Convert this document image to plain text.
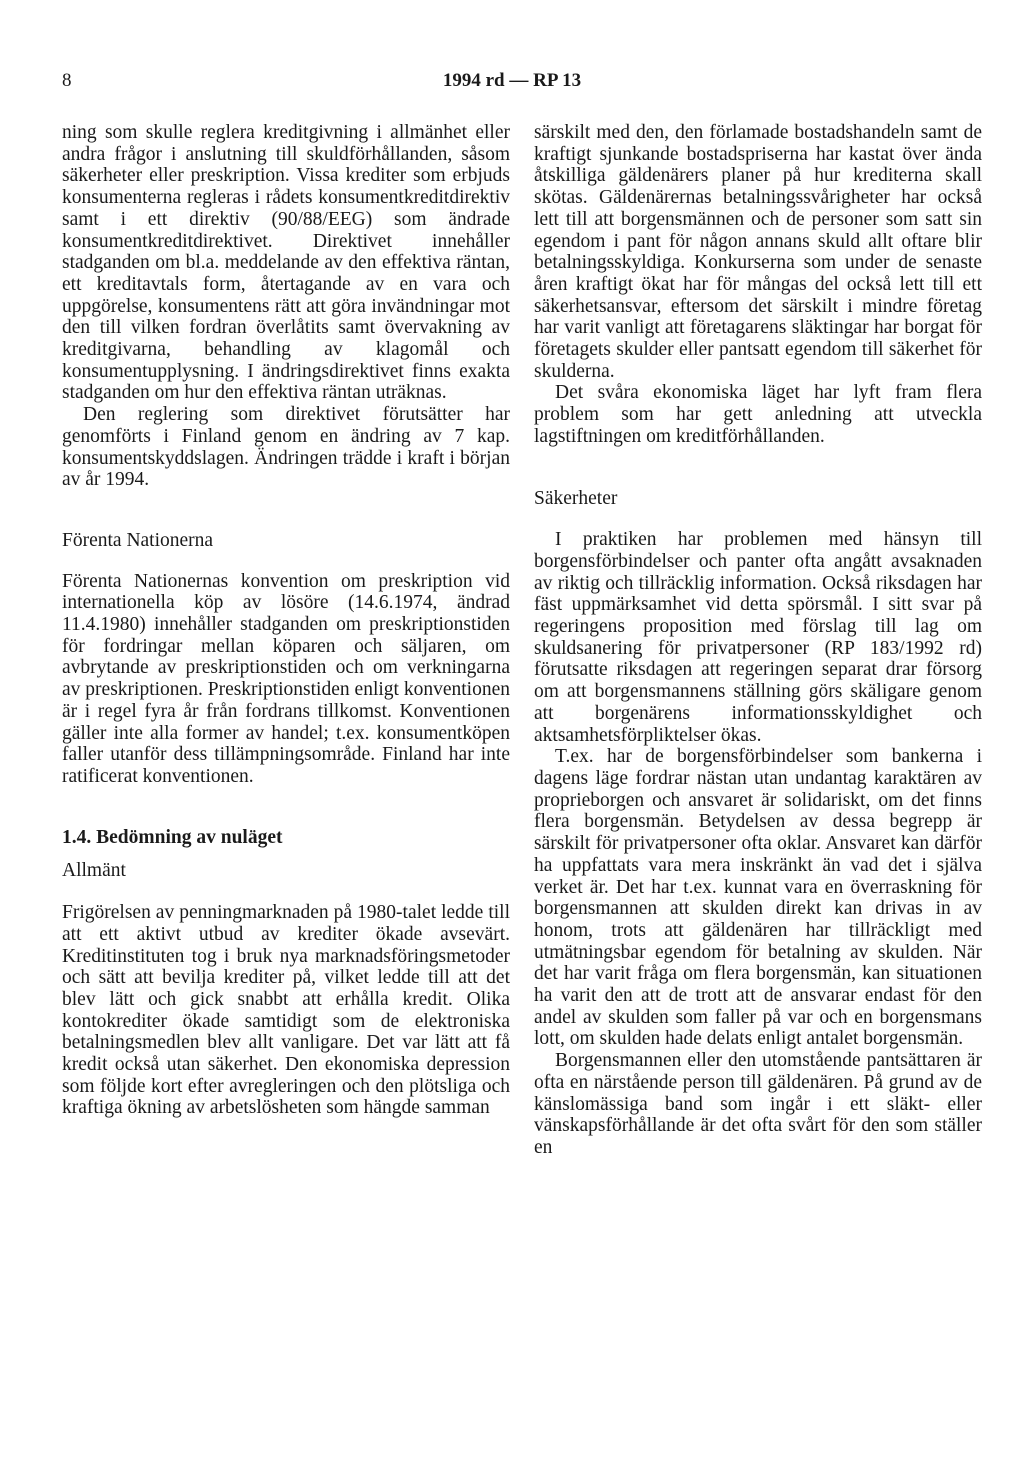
8	1994 rd — RP 13

ning som skulle reglera kreditgivning i allmänhet eller andra frågor i anslutning till skuldförhållanden, såsom säkerheter eller preskription. Vissa krediter som erbjuds konsumenterna regleras i rådets konsumentkreditdirektiv samt i ett direktiv (90/88/EEG) som ändrade konsumentkreditdirektivet. Direktivet innehåller stadganden om bl.a. meddelande av den effektiva räntan, ett kreditavtals form, återtagande av en vara och uppgörelse, konsumentens rätt att göra invändningar mot den till vilken fordran överlåtits samt övervakning av kreditgivarna, behandling av klagomål och konsumentupplysning. I ändringsdirektivet finns exakta stadganden om hur den effektiva räntan uträknas.

Den reglering som direktivet förutsätter har genomförts i Finland genom en ändring av 7 kap. konsumentskyddslagen. Ändringen trädde i kraft i början av år 1994.

Förenta Nationerna

Förenta Nationernas konvention om preskription vid internationella köp av lösöre (14.6.1974, ändrad 11.4.1980) innehåller stadganden om preskriptionstiden för fordringar mellan köparen och säljaren, om avbrytande av preskriptionstiden och om verkningarna av preskriptionen. Preskriptionstiden enligt konventionen är i regel fyra år från fordrans tillkomst. Konventionen gäller inte alla former av handel; t.ex. konsumentköpen faller utanför dess tillämpningsområde. Finland har inte ratificerat konventionen.

1.4. Bedömning av nuläget
Allmänt

Frigörelsen av penningmarknaden på 1980-talet ledde till att ett aktivt utbud av krediter ökade avsevärt. Kreditinstituten tog i bruk nya marknadsföringsmetoder och sätt att bevilja krediter på, vilket ledde till att det blev lätt och gick snabbt att erhålla kredit. Olika kontokrediter ökade samtidigt som de elektroniska betalningsmedlen blev allt vanligare. Det var lätt att få kredit också utan säkerhet. Den ekonomiska depression som följde kort efter avregleringen och den plötsliga och kraftiga ökning av arbetslösheten som hängde samman

särskilt med den, den förlamade bostadshandeln samt de kraftigt sjunkande bostadspriserna har kastat över ända åtskilliga gäldenärers planer på hur krediterna skall skötas. Gäldenärernas betalningssvårigheter har också lett till att borgensmännen och de personer som satt sin egendom i pant för någon annans skuld allt oftare blir betalningsskyldiga. Konkurserna som under de senaste åren kraftigt ökat har för mångas del också lett till ett säkerhetsansvar, eftersom det särskilt i mindre företag har varit vanligt att företagarens släktingar har borgat för företagets skulder eller pantsatt egendom till säkerhet för skulderna.

Det svåra ekonomiska läget har lyft fram flera problem som har gett anledning att utveckla lagstiftningen om kreditförhållanden.

Säkerheter

I praktiken har problemen med hänsyn till borgensförbindelser och panter ofta angått avsaknaden av riktig och tillräcklig information. Också riksdagen har fäst uppmärksamhet vid detta spörsmål. I sitt svar på regeringens proposition med förslag till lag om skuldsanering för privatpersoner (RP 183/1992 rd) förutsatte riksdagen att regeringen separat drar försorg om att borgensmannens ställning görs skäligare genom att borgenärens informationsskyldighet och aktsamhetsförpliktelser ökas.

T.ex. har de borgensförbindelser som bankerna i dagens läge fordrar nästan utan undantag karaktären av proprieborgen och ansvaret är solidariskt, om det finns flera borgensmän. Betydelsen av dessa begrepp är särskilt för privatpersoner ofta oklar. Ansvaret kan därför ha uppfattats vara mera inskränkt än vad det i själva verket är. Det har t.ex. kunnat vara en överraskning för borgensmannen att skulden direkt kan drivas in av honom, trots att gäldenären har tillräckligt med utmätningsbar egendom för betalning av skulden. När det har varit fråga om flera borgensmän, kan situationen ha varit den att de trott att de ansvarar endast för den andel av skulden som faller på var och en borgensmans lott, om skulden hade delats enligt antalet borgensmän.

Borgensmannen eller den utomstående pantsättaren är ofta en närstående person till gäldenären. På grund av de känslomässiga band som ingår i ett släkt- eller vänskapsförhållande är det ofta svårt för den som ställer en
